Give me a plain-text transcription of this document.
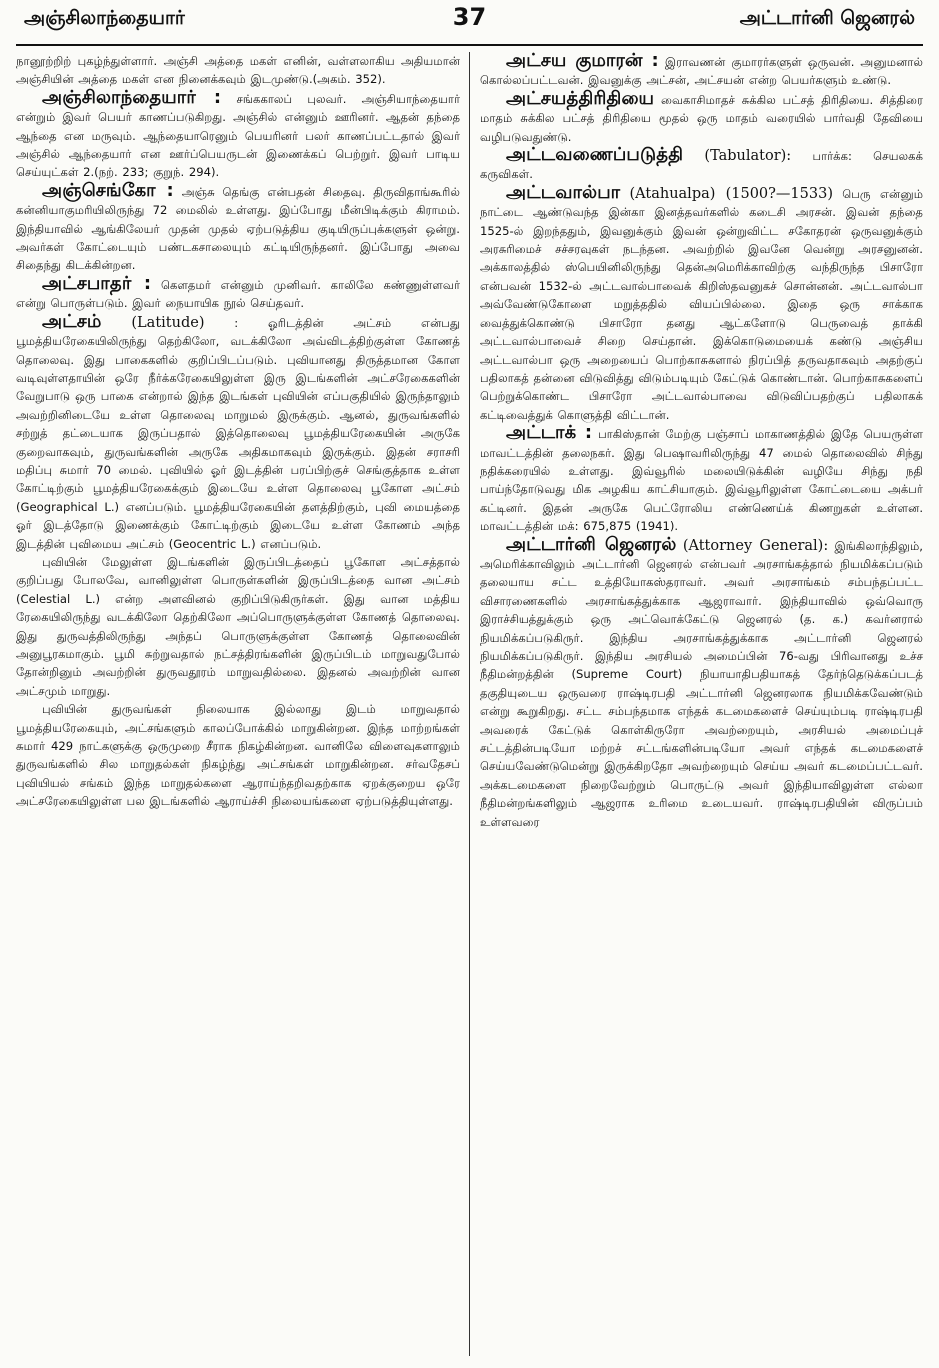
அஞ்சிலாந்தையார்	37	அட்டார்னி ஜெனரல்

நானூற்றிற் புகழ்ந்துள்ளார். அஞ்சி அத்தை மகள் எனின், வள்ளலாகிய அதியமான் அஞ்சியின் அத்தை மகள் என நினைக்கவும் இடமுண்டு.(அகம். 352).

அஞ்சிலாந்தையார் : சங்ககாலப் புலவர். அஞ்சியாந்தையார் என்றும் இவர் பெயர் காணப்படுகிறது. அஞ்சில் என்னும் ஊரினர். ஆதன் தந்தை ஆந்தை என மருவும். ஆந்தையாரெனும் பெயரினர் பலர் காணப்பட்டதால் இவர் அஞ்சில் ஆந்தையார் என ஊர்ப்பெயருடன் இணைக்கப் பெற்றுர். இவர் பாடிய செய்யுட்கள் 2.(நற். 233; குறுந். 294).

அஞ்செங்கோ : அஞ்சு தெங்கு என்பதன் சிதைவு. திருவிதாங்கூரில் கன்னியாகுமரியிலிருந்து 72 மைலில் உள்ளது. இப்போது மீன்பிடிக்கும் கிராமம். இந்தியாவில் ஆங்கிலேயர் முதன் முதல் ஏற்படுத்திய குடியிருப்புக்களுள் ஒன்று. அவர்கள் கோட்டையும் பண்டகசாலையும் கட்டியிருந்தனர். இப்போது அவை சிதைந்து கிடக்கின்றன.

அட்சபாதர் : கௌதமர் என்னும் முனிவர். காலிலே கண்ணுள்ளவர் என்று பொருள்படும். இவர் நையாயிக நூல் செய்தவர்.

அட்சம் (Latitude)	: ஓரிடத்தின் அட்சம் என்பது பூமத்தியரேகையிலிருந்து தெற்கிலோ, வடக்கிலோ அவ்விடத்திற்குள்ள கோணத் தொலைவு. இது பாகைகளில் குறிப்பிடப்படும். புவியானது திருத்தமான கோள வடிவுள்ளதாயின் ஒரே நீர்க்கரேகையிலுள்ள இரு இடங்களின் அட்சரேகைகளின் வேறுபாடு ஒரு பாகை என்றால் இந்த இடங்கள் புவியின் எப்பகுதியில் இருந்தாலும் அவற்றினிடையே உள்ள தொலைவு மாறுமல் இருக்கும். ஆனல், துருவங்களில் சற்றுத் தட்டையாக இருப்பதால் இத்தொலைவு பூமத்தியரேகையின் அருகே குறைவாகவும், துருவங்களின் அருகே அதிகமாகவும் இருக்கும். இதன் சராசரி மதிப்பு சுமார் 70 மைல். புவியில் ஓர் இடத்தின் பரப்பிற்குச் செங்குத்தாக உள்ள கோட்டிற்கும் பூமத்தியரேகைக்கும் இடையே உள்ள தொலைவு பூகோள அட்சம் (Geographical L.) எனப்படும். பூமத்தியரேகையின் தளத்திற்கும், புவி மையத்தை ஓர் இடத்தோடு இணைக்கும் கோட்டிற்கும் இடையே உள்ள கோணம் அந்த இடத்தின் புவிமைய அட்சம் (Geocentric L.) எனப்படும்.

புவியின் மேலுள்ள இடங்களின் இருப்பிடத்தைப் பூகோள அட்சத்தால் குறிப்பது போலவே, வானிலுள்ள பொருள்களின் இருப்பிடத்தை வான அட்சம் (Celestial L.) என்ற அளவினல் குறிப்பிடுகிருர்கள். இது வான மத்திய ரேகையிலிருந்து வடக்கிலோ தெற்கிலோ அப்பொருளுக்குள்ள கோணத் தொலைவு. இது துருவத்திலிருந்து அந்தப் பொருளுக்குள்ள கோணத் தொலைவின் அனுபூரகமாகும். பூமி சுற்றுவதால் நட்சத்திரங்களின் இருப்பிடம் மாறுவதுபோல் தோன்றினும் அவற்றின் துருவதூரம் மாறுவதில்லை. இதனல் அவற்றின் வான அட்சமும் மாறுது.

புவியின் துருவங்கள் நிலையாக இல்லாது இடம் மாறுவதால் பூமத்தியரேகையும், அட்சங்களும் காலப்போக்கில் மாறுகின்றன. இந்த மாற்றங்கள் சுமார் 429 நாட்களுக்கு ஒருமுறை சீராக நிகழ்கின்றன. வானிலே விளைவுகளாலும் துருவங்களில் சில மாறுதல்கள் நிகழ்ந்து அட்சங்கள் மாறுகின்றன. சர்வதேசப் புவியியல் சங்கம் இந்த மாறுதல்களை ஆராய்ந்தறிவதற்காக ஏறக்குறைய ஒரே அட்சரேகையிலுள்ள பல இடங்களில் ஆராய்ச்சி நிலையங்களை ஏற்படுத்தியுள்ளது.

அட்சய குமாரன் : இராவணன் குமாரர்களுள் ஒருவன். அனுமனால் கொல்லப்பட்டவன். இவனுக்கு அட்சன், அட்சயன் என்ற பெயர்களும் உண்டு.

அட்சயத்திரிதியை வைகாசிமாதச் சுக்கில பட்சத் திரிதியை. சித்திரை மாதம் சுக்கில பட்சத் திரிதியை மூதல் ஒரு மாதம் வரையில் பார்வதி தேவியை வழிபடுவதுண்டு.

அட்டவணைப்படுத்தி (Tabulator): பார்க்க: செயலகக் கருவிகள்.

அட்டவால்பா (Atahualpa) (1500?—1533) பெரு என்னும் நாட்டை ஆண்டுவந்த இன்கா இனத்தவர்களில் கடைசி அரசன். இவன் தந்தை 1525-ல் இறந்ததும், இவனுக்கும் இவன் ஒன்றுவிட்ட சகோதரன் ஒருவனுக்கும் அரசுரிமைச் சச்சரவுகள் நடந்தன. அவற்றில் இவனே வென்று அரசனுனன். அக்காலத்தில் ஸ்பெயினிலிருந்து தென்அமெரிக்காவிற்கு வந்திருந்த பிசாரோ என்பவன் 1532-ல் அட்டவால்பாவைக் கிறிஸ்தவனுகச் சொன்னன். அட்டவால்பா அவ்வேண்டுகோளை மறுத்ததில் வியப்பில்லை. இதை ஒரு சாக்காக வைத்துக்கொண்டு பிசாரோ தனது ஆட்களோடு பெருவைத் தாக்கி அட்டவால்பாவைச் சிறை செய்தான். இக்கொடுமையைக் கண்டு அஞ்சிய அட்டவால்பா ஒரு அறையைப் பொற்காசுகளால் நிரப்பித் தருவதாகவும் அதற்குப் பதிலாகத் தன்னை விடுவித்து விடும்படியும் கேட்டுக் கொண்டான். பொற்காசுகளைப் பெற்றுக்கொண்ட பிசாரோ அட்டவால்பாவை விடுவிப்பதற்குப் பதிலாகக் கட்டிவைத்துக் கொளுத்தி விட்டான்.

அட்டாக் : பாகிஸ்தான் மேற்கு பஞ்சாப் மாகாணத்தில் இதே பெயருள்ள மாவட்டத்தின் தலைநகர். இது பெஷாவரிலிருந்து 47 மைல் தொலைவில் சிந்து நதிக்கரையில் உள்ளது. இவ்வூரில் மலையிடுக்கின் வழியே சிந்து நதி பாய்ந்தோடுவது மிக அழகிய காட்சியாகும். இவ்வூரிலுள்ள கோட்டையை அக்பர் கட்டினர். இதன் அருகே பெட்ரோலிய எண்ணெய்க் கிணறுகள் உள்ளன. மாவட்டத்தின் மக்: 675,875 (1941).

அட்டார்னி ஜெனரல் (Attorney General): இங்கிலாந்திலும், அமெரிக்காவிலும் அட்டார்னி ஜெனரல் என்பவர் அரசாங்கத்தால் நியமிக்கப்படும் தலையாய சட்ட உத்தியோகஸ்தராவர். அவர் அரசாங்கம் சம்பந்தப்பட்ட விசாரணைகளில் அரசாங்கத்துக்காக ஆஜராவார். இந்தியாவில் ஒவ்வொரு இராச்சியத்துக்கும் ஒரு அட்வொக்கேட்டு ஜெனரல் (த. க.) கவர்னரால் நியமிக்கப்படுகிருர். இந்திய அரசாங்கத்துக்காக அட்டார்னி ஜெனரல் நியமிக்கப்படுகிருர். இந்திய அரசியல் அமைப்பின் 76-வது பிரிவானது உச்ச நீதிமன்றத்தின் (Supreme Court) நியாயாதிபதியாகத் தேர்ந்தெடுக்கப்படத் தகுதியுடைய ஒருவரை ராஷ்டிரபதி அட்டார்னி ஜெனரலாக நியமிக்கவேண்டும் என்று கூறுகிறது. சட்ட சம்பந்தமாக எந்தக் கடமைகளைச் செய்யும்படி ராஷ்டிரபதி அவரைக் கேட்டுக் கொள்கிருரோ அவற்றையும், அரசியல் அமைப்புச் சட்டத்தின்படியோ மற்றச் சட்டங்களின்படியோ அவர் எந்தக் கடமைகளைச் செய்யவேண்டுமென்று இருக்கிறதோ அவற்றையும் செய்ய அவர் கடமைப்பட்டவர். அக்கடமைகளை நிறைவேற்றும் பொருட்டு அவர் இந்தியாவிலுள்ள எல்லா நீதிமன்றங்களிலும் ஆஜராக உரிமை உடையவர். ராஷ்டிரபதியின் விருப்பம் உள்ளவரை
